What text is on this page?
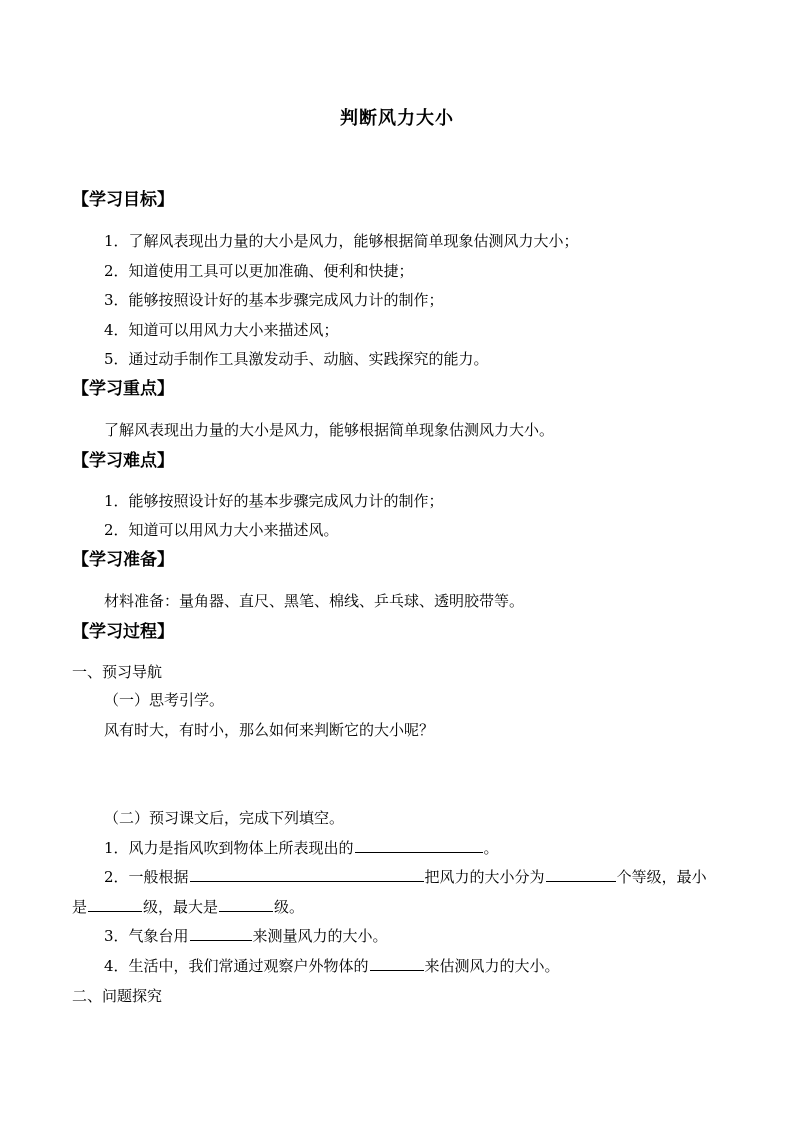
判断风力大小
【学习目标】
1．了解风表现出力量的大小是风力，能够根据简单现象估测风力大小；
2．知道使用工具可以更加准确、便利和快捷；
3．能够按照设计好的基本步骤完成风力计的制作；
4．知道可以用风力大小来描述风；
5．通过动手制作工具激发动手、动脑、实践探究的能力。
【学习重点】
了解风表现出力量的大小是风力，能够根据简单现象估测风力大小。
【学习难点】
1．能够按照设计好的基本步骤完成风力计的制作；
2．知道可以用风力大小来描述风。
【学习准备】
材料准备：量角器、直尺、黑笔、棉线、乒乓球、透明胶带等。
【学习过程】
一、预习导航
（一）思考引学。
风有时大，有时小，那么如何来判断它的大小呢？
（二）预习课文后，完成下列填空。
1．风力是指风吹到物体上所表现出的	。
2．一般根据	把风力的大小分为	个等级，最小
是	级，最大是	级。
3．气象台用	来测量风力的大小。
4．生活中，我们常通过观察户外物体的	来估测风力的大小。
二、问题探究
